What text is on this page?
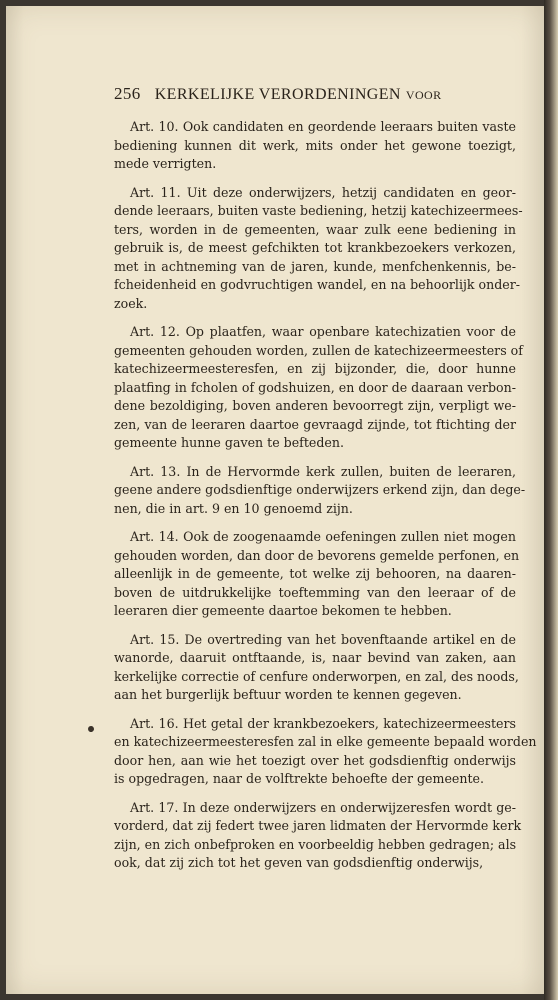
256 KERKELIJKE VERORDENINGEN VOOR
Art. 10. Ook candidaten en geordende leeraars buiten vaste
bediening kunnen dit werk, mits onder het gewone toezigt,
mede verrigten.
Art. 11. Uit deze onderwijzers, hetzij candidaten en geor-
dende leeraars, buiten vaste bediening, hetzij katechizeermees-
ters, worden in de gemeenten, waar zulk eene bediening in
gebruik is, de meest gefchikten tot krankbezoekers verkozen,
met in achtneming van de jaren, kunde, menfchenkennis, be-
fcheidenheid en godvruchtigen wandel, en na behoorlijk onder-
zoek.
Art. 12. Op plaatfen, waar openbare katechizatien voor de
gemeenten gehouden worden, zullen de katechizeermeesters of
katechizeermeesteresfen, en zij bijzonder, die, door hunne
plaatfing in fcholen of godshuizen, en door de daaraan verbon-
dene bezoldiging, boven anderen bevoorregt zijn, verpligt we-
zen, van de leeraren daartoe gevraagd zijnde, tot ftichting der
gemeente hunne gaven te befteden.
Art. 13. In de Hervormde kerk zullen, buiten de leeraren,
geene andere godsdienftige onderwijzers erkend zijn, dan dege-
nen, die in art. 9 en 10 genoemd zijn.
Art. 14. Ook de zoogenaamde oefeningen zullen niet mogen
gehouden worden, dan door de bevorens gemelde perfonen, en
alleenlijk in de gemeente, tot welke zij behooren, na daaren-
boven de uitdrukkelijke toeftemming van den leeraar of de
leeraren dier gemeente daartoe bekomen te hebben.
Art. 15. De overtreding van het bovenftaande artikel en de
wanorde, daaruit ontftaande, is, naar bevind van zaken, aan
kerkelijke correctie of cenfure onderworpen, en zal, des noods,
aan het burgerlijk beftuur worden te kennen gegeven.
Art. 16. Het getal der krankbezoekers, katechizeermeesters
en katechizeermeesteresfen zal in elke gemeente bepaald worden
door hen, aan wie het toezigt over het godsdienftig onderwijs
is opgedragen, naar de volftrekte behoefte der gemeente.
Art. 17. In deze onderwijzers en onderwijzeresfen wordt ge-
vorderd, dat zij federt twee jaren lidmaten der Hervormde kerk
zijn, en zich onbefproken en voorbeeldig hebben gedragen; als
ook, dat zij zich tot het geven van godsdienftig onderwijs,
